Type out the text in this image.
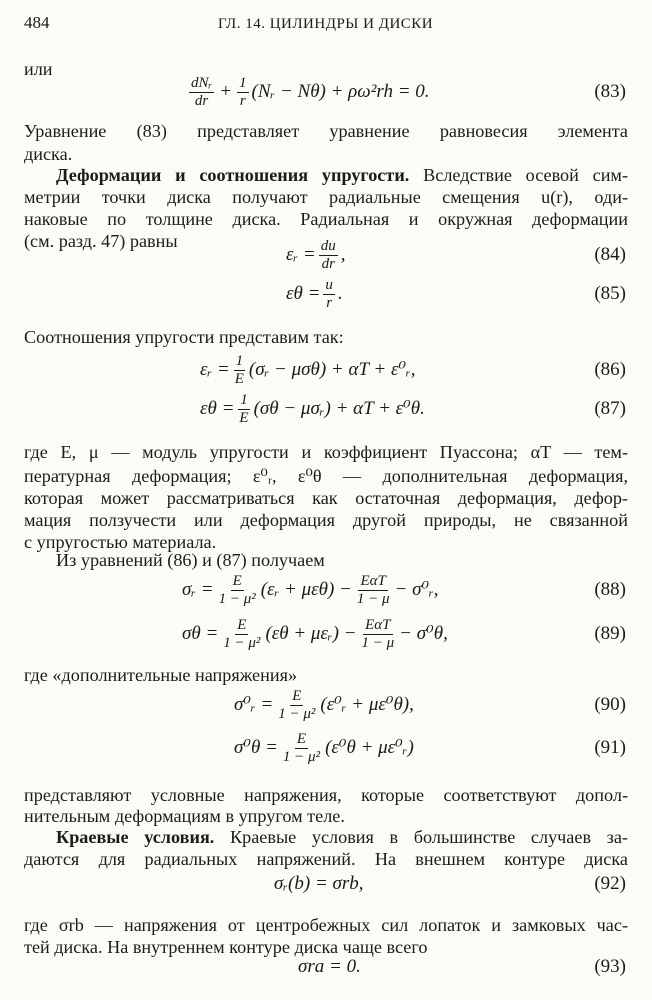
484	ГЛ. 14. ЦИЛИНДРЫ И ДИСКИ
или
$\frac{\text{dNᵣ}}{dr} + \frac{1}{r}$ (Nᵣ − Nθ) + ρω²rh = 0.	(83)
Уравнение (83) представляет уравнение равновесия элемента
диска.
Деформации и соотношения упругости. Вследствие осевой сим-
метрии точки диска получают радиальные смещения u(r), оди-
наковые по толщине диска. Радиальная и окружная деформации
(см. разд. 47) равны
εᵣ = $\frac{du}{dr}$ ,	(84)
$\varepsilon\theta = \frac{u}{r}$ .	(85)
Соотношения упругости представим так:
εᵣ = $\frac{1}{E}$ (σᵣ − μσθ) + αT + ε⁰ᵣ,	(86)
$\varepsilon\theta = \frac{1}{E} (\sigma\theta$ − μσᵣ) + αT + ε⁰θ.	(87)
где E, μ — модуль упругости и коэффициент Пуассона; αT — тем-
пературная деформация; ε⁰ᵣ, ε⁰θ — дополнительная деформация,
которая может рассматриваться как остаточная деформация, дефор-
мация ползучести или деформация другой природы, не связанной
с упругостью материала.
Из уравнений (86) и (87) получаем
σᵣ = $\frac{E}{\text{1 − μ²}}$ (εᵣ + $\mu\varepsilon\theta) - \frac{\text{EαT}}{1 - \mu}$ − σ⁰ᵣ,	(88)
$\sigma\theta = \frac{E}{\text{1 − μ²}} (\varepsilon\theta$ + μεᵣ) − $\frac{\text{EαT}}{1 - \mu} - \sigma^0\theta$,	(89)
где «дополнительные напряжения»
σ⁰ᵣ = $\frac{E}{\text{1 − μ²}}$ (ε⁰ᵣ + με⁰θ),	(90)
$\sigma^0\theta = \frac{E}{\text{1 − μ²}} (\varepsilon^0\theta$ + με⁰ᵣ)	(91)
представляют условные напряжения, которые соответствуют допол-
нительным деформациям в упругом теле.
Краевые условия. Краевые условия в большинстве случаев за-
даются для радиальных напряжений. На внешнем контуре диска
σᵣ(b) = σrb,	(92)
где σrb — напряжения от центробежных сил лопаток и замковых час-
тей диска. На внутреннем контуре диска чаще всего
σra = 0.	(93)
